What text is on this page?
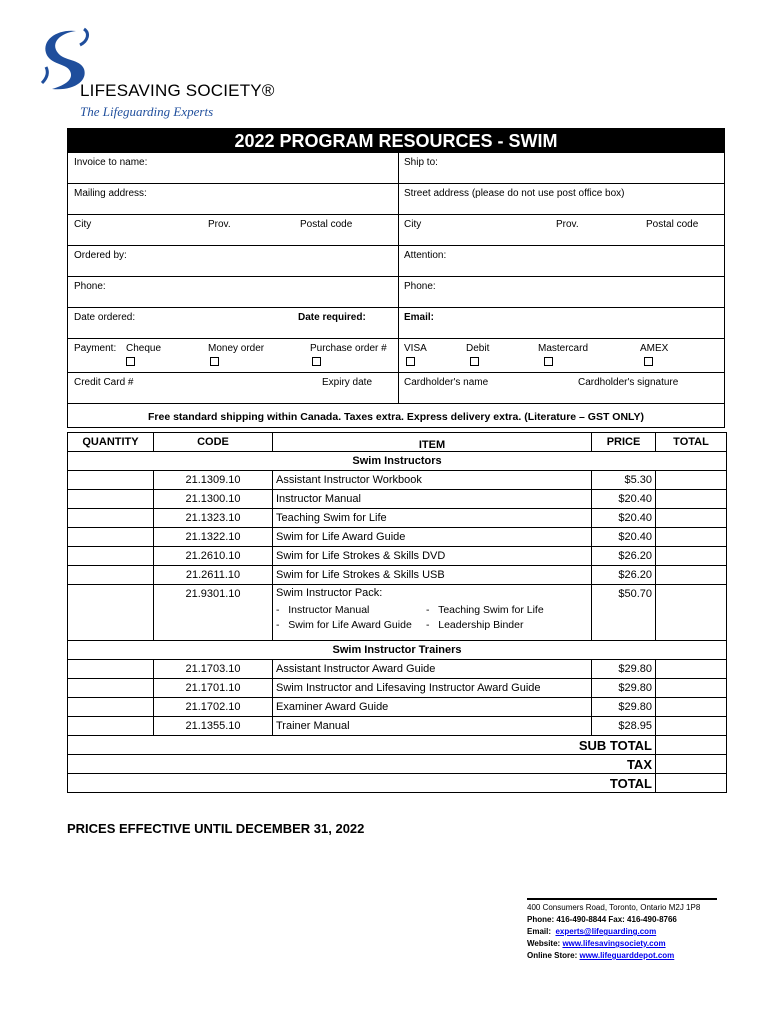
LIFESAVING SOCIETY®
The Lifeguarding Experts
2022 PROGRAM RESOURCES - SWIM
Invoice to name:	Ship to:
Mailing address:	Street address (please do not use post office box)
City	Prov.	Postal code	City	Prov.	Postal code
Ordered by:	Attention:
Phone:	Phone:
Date ordered:	Date required:	Email:
Payment: Cheque	Money order	Purchase order # VISA	Debit	Mastercard	AMEX
Credit Card #	Expiry date	Cardholder's name	Cardholder's signature
Free standard shipping within Canada. Taxes extra. Express delivery extra. (Literature – GST ONLY)
QUANTITY	CODE	ITEM	PRICE	TOTAL
Swim Instructors				
	21.1309.10	Assistant Instructor Workbook	$5.30	
	21.1300.10	Instructor Manual	$20.40	
	21.1323.10	Teaching Swim for Life	$20.40	
	21.1322.10	Swim for Life Award Guide	$20.40	
	21.2610.10	Swim for Life Strokes & Skills DVD	$26.20	
	21.2611.10	Swim for Life Strokes & Skills USB	$26.20	
	21.9301.10	Swim Instructor Pack:
-   Instructor Manual
-   Swim for Life Award Guide
-   Teaching Swim for Life
-   Leadership Binder	$50.70	
Swim Instructor Trainers				
	21.1703.10	Assistant Instructor Award Guide	$29.80	
	21.1701.10	Swim Instructor and Lifesaving Instructor Award Guide	$29.80	
	21.1702.10	Examiner Award Guide	$29.80	
	21.1355.10	Trainer Manual	$28.95	
SUB TOTAL				
TAX				
TOTAL				
PRICES EFFECTIVE UNTIL DECEMBER 31, 2022
400 Consumers Road, Toronto, Ontario M2J 1P8
Phone: 416-490-8844 Fax: 416-490-8766
Email: experts@lifeguarding.com
Website: www.lifesavingsociety.com
Online Store: www.lifeguarddepot.com
